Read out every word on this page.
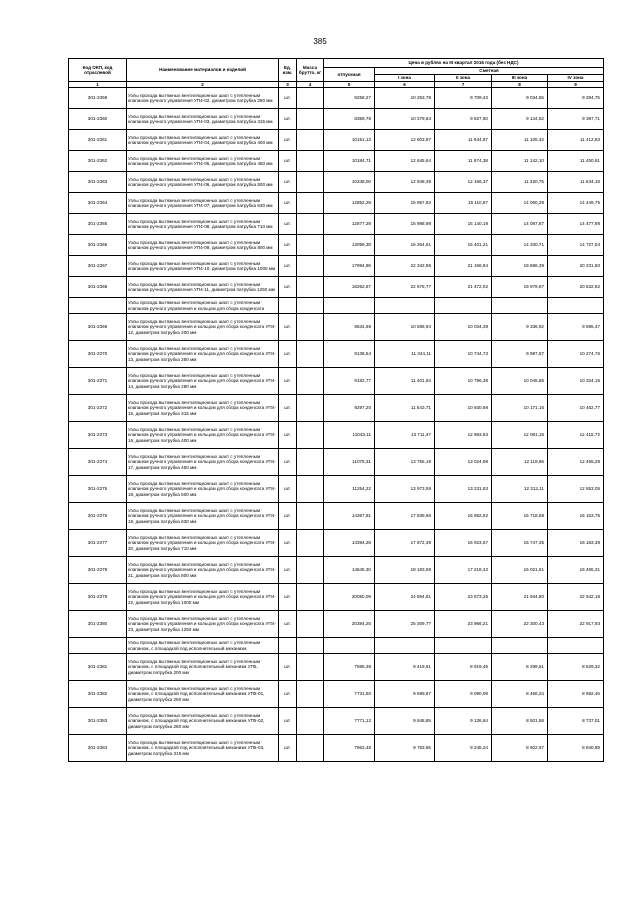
385
Код ОКП, код отраслевой	Наименование материалов и изделий	Ед. изм.	Масса брутто, кг	Цена в рублях на III квартал 2016 года (без НДС)				
				отпускная	Сметная			
					I зона	II зона	III зона	IV зона
1	2	3	4	5	6	7	8	9
301-2359	Узлы прохода вытяжных вентиляционных шахт с утепленным клапаном ручного управления УП4-02, диаметром патрубка 280 мм	шт.		8258,27	10 253,78	9 709,43	9 034,55	9 284,75
301-2360	Узлы прохода вытяжных вентиляционных шахт с утепленным клапаном ручного управления УП4-03, диаметром патрубка 315 мм	шт.		8359,78	10 379,83	9 827,50	9 144,52	9 397,71
301-2361	Узлы прохода вытяжных вентиляционных шахт с утепленным клапаном ручного управления УП4-04, диаметром патрубка 400 мм	шт.		10151,13	12 603,97	11 934,87	11 105,32	11 412,63
301-2362	Узлы прохода вытяжных вентиляционных шахт с утепленным клапаном ручного управления УП4-05, диаметром патрубка 450 мм	шт.		10184,71	12 645,64	11 974,38	11 142,10	11 450,61
301-2363	Узлы прохода вытяжных вентиляционных шахт с утепленным клапаном ручного управления УП4-06, диаметром патрубка 500 мм	шт.		10348,00	12 848,39	12 166,37	11 320,75	11 634,19
301-2364	Узлы прохода вытяжных вентиляционных шахт с утепленным клапаном ручного управления УП4-07, диаметром патрубка 630 мм	шт.		12852,28	15 957,82	15 110,87	14 060,39	14 449,75
301-2365	Узлы прохода вытяжных вентиляционных шахт с утепленным клапаном ручного управления УП4-08, диаметром патрубка 710 мм	шт.		12877,39	15 988,98	15 140,19	14 087,87	14 477,98
301-2366	Узлы прохода вытяжных вентиляционных шахт с утепленным клапаном ручного управления УП4-09, диаметром патрубка 800 мм	шт.		13099,38	16 264,61	15 401,21	14 330,71	14 727,54
301-2367	Узлы прохода вытяжных вентиляционных шахт с утепленным клапаном ручного управления УП4-10, диаметром патрубка 1000 мм	шт.		17994,86	22 342,86	21 156,84	19 686,39	20 231,50
301-2368	Узлы прохода вытяжных вентиляционных шахт с утепленным клапаном ручного управления УП4-11, диаметром патрубка 1250 мм	шт.		18262,67	22 675,77	21 472,02	19 979,67	20 532,82
	Узлы прохода вытяжных вентиляционных шахт с утепленным клапаном ручного управления и кольцом для сбора конденсата							
301-2369	Узлы прохода вытяжных вентиляционных шахт с утепленным клапаном ручного управления и кольцом для сбора конденсата УП4-12, диаметром патрубка 200 мм	шт.		8534,68	10 596,94	10 034,39	9 336,92	9 595,47
301-2370	Узлы прохода вытяжных вентиляционных шахт с утепленным клапаном ручного управления и кольцом для сбора конденсата УП4-13, диаметром патрубка 250 мм	шт.		9136,54	11 344,11	10 744,73	9 997,67	10 274,76
301-2371	Узлы прохода вытяжных вентиляционных шахт с утепленным клапаном ручного управления и кольцом для сбора конденсата УП4-14, диаметром патрубка 280 мм	шт.		9182,77	11 401,64	10 796,38	10 045,85	10 324,15
301-2372	Узлы прохода вытяжных вентиляционных шахт с утепленным клапаном ручного управления и кольцом для сбора конденсата УП4-15, диаметром патрубка 315 мм	шт.		9297,20	11 543,71	10 930,68	10 171,15	10 452,77
301-2373	Узлы прохода вытяжных вентиляционных шахт с утепленным клапаном ручного управления и кольцом для сбора конденсата УП4-16, диаметром патрубка 400 мм	шт.		11043,11	13 711,47	12 983,63	12 081,15	12 415,72
301-2374	Узлы прохода вытяжных вентиляционных шахт с утепленным клапаном ручного управления и кольцом для сбора конденсата УП4-17, диаметром патрубка 450 мм	шт.		11076,31	13 755,18	13 024,98	12 119,66	12 455,28
301-2375	Узлы прохода вытяжных вентиляционных шахт с утепленным клапаном ручного управления и кольцом для сбора конденсата УП4-18, диаметром патрубка 500 мм	шт.		11254,22	13 973,59	13 231,83	12 312,11	12 653,05
301-2376	Узлы прохода вытяжных вентиляционных шахт с утепленным клапаном ручного управления и кольцом для сбора конденсата УП4-19, диаметром патрубка 630 мм	шт.		14367,91	17 839,66	16 892,62	15 718,58	16 153,75
301-2377	Узлы прохода вытяжных вентиляционных шахт с утепленным клапаном ручного управления и кольцом для сбора конденсата УП4-20, диаметром патрубка 710 мм	шт.		14394,28	17 872,39	16 923,67	15 747,35	16 183,38
301-2378	Узлы прохода вытяжных вентиляционных шахт с утепленным клапаном ручного управления и кольцом для сбора конденсата УП4-21, диаметром патрубка 800 мм	шт.		14645,30	18 183,69	17 218,42	16 021,61	16 465,31
301-2379	Узлы прохода вытяжных вентиляционных шахт с утепленным клапаном ручного управления и кольцом для сбора конденсата УП4-22, диаметром патрубка 1000 мм	шт.		20050,09	24 894,81	23 573,26	21 934,80	22 542,18
301-2380	Узлы прохода вытяжных вентиляционных шахт с утепленным клапаном ручного управления и кольцом для сбора конденсата УП4-23, диаметром патрубка 1250 мм	шт.		20384,25	25 309,77	23 966,21	22 300,43	22 917,93
	Узлы прохода вытяжных вентиляционных шахт с утепленным клапаном, с площадкой под исполнительный механизм							
301-2381	Узлы прохода вытяжных вентиляционных шахт с утепленным клапаном, с площадкой под исполнительный механизм УП5, диаметром патрубка 200 мм	шт.		7586,38	9 419,51	8 919,49	8 299,51	8 529,32
301-2382	Узлы прохода вытяжных вентиляционных шахт с утепленным клапаном, с площадкой под исполнительный механизм УП5-01, диаметром патрубка 250 мм	шт.		7731,50	9 599,67	9 090,09	8 458,24	8 692,46
301-2383	Узлы прохода вытяжных вентиляционных шахт с утепленным клапаном, с площадкой под исполнительный механизм УП5-02, диаметром патрубка 280 мм	шт.		7771,12	9 648,85	9 136,64	8 501,58	8 737,01
301-2384	Узлы прохода вытяжных вентиляционных шахт с утепленным клапаном, с площадкой под исполнительный механизм УП5-03, диаметром патрубка 315 мм	шт.		7863,48	9 763,55	9 245,24	8 602,67	8 840,89
